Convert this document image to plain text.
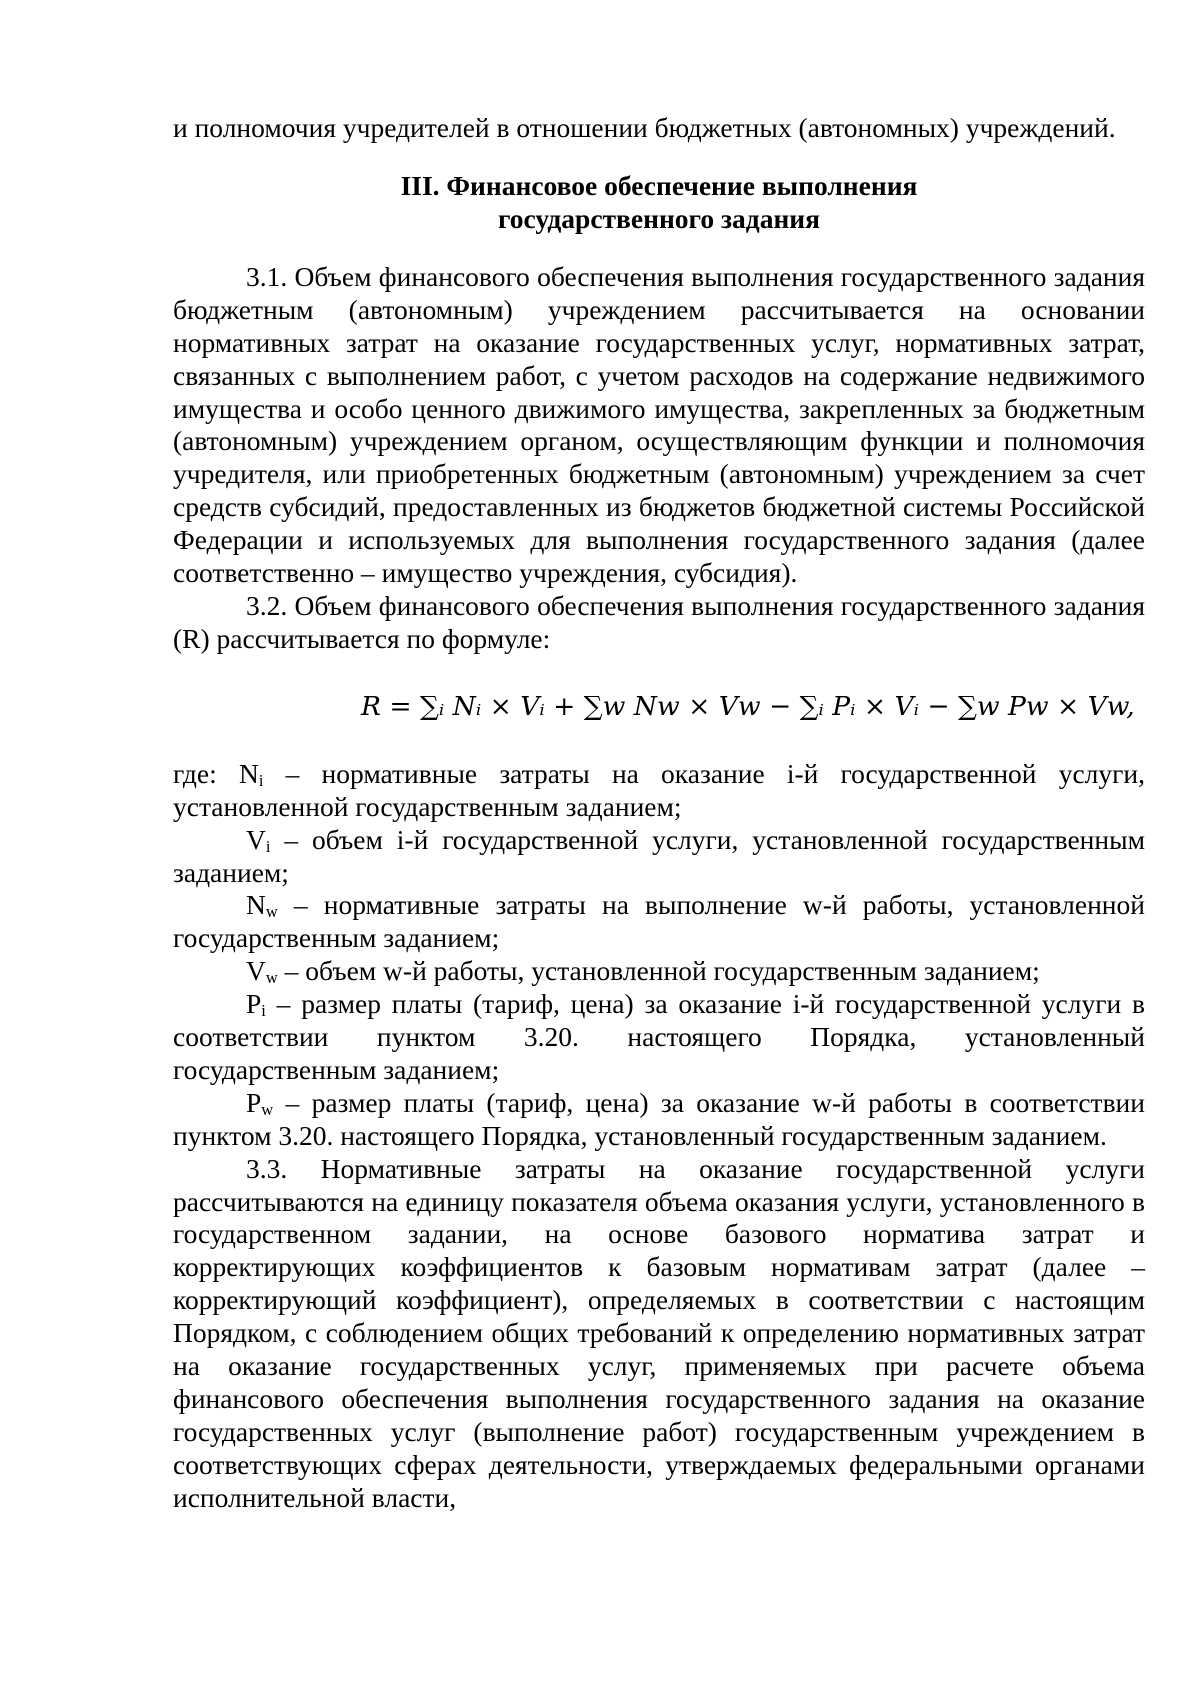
и полномочия учредителей в отношении бюджетных (автономных) учреждений.

III. Финансовое обеспечение выполнения
государственного задания

3.1. Объем финансового обеспечения выполнения государственного задания бюджетным (автономным) учреждением рассчитывается на основании нормативных затрат на оказание государственных услуг, нормативных затрат, связанных с выполнением работ, с учетом расходов на содержание недвижимого имущества и особо ценного движимого имущества, закрепленных за бюджетным (автономным) учреждением органом, осуществляющим функции и полномочия учредителя, или приобретенных бюджетным (автономным) учреждением за счет средств субсидий, предоставленных из бюджетов бюджетной системы Российской Федерации и используемых для выполнения государственного задания (далее соответственно – имущество учреждения, субсидия).

3.2. Объем финансового обеспечения выполнения государственного задания (R) рассчитывается по формуле:

R = ∑ᵢ Nᵢ × Vᵢ + ∑w Nw × Vw − ∑ᵢ Pᵢ × Vᵢ − ∑w Pw × Vw,

где: $N_i$ – нормативные затраты на оказание i-й государственной услуги, установленной государственным заданием;

$V_i$ – объем i-й государственной услуги, установленной государственным заданием;

$N_w$ – нормативные затраты на выполнение w-й работы, установленной государственным заданием;

$V_w$ – объем w-й работы, установленной государственным заданием;

$P_i$ – размер платы (тариф, цена) за оказание i-й государственной услуги в соответствии пунктом 3.20. настоящего Порядка, установленный государственным заданием;

$P_w$ – размер платы (тариф, цена) за оказание w-й работы в соответствии пунктом 3.20. настоящего Порядка, установленный государственным заданием.

3.3. Нормативные затраты на оказание государственной услуги рассчитываются на единицу показателя объема оказания услуги, установленного в государственном задании, на основе базового норматива затрат и корректирующих коэффициентов к базовым нормативам затрат (далее – корректирующий коэффициент), определяемых в соответствии с настоящим Порядком, с соблюдением общих требований к определению нормативных затрат на оказание государственных услуг, применяемых при расчете объема финансового обеспечения выполнения государственного задания на оказание государственных услуг (выполнение работ) государственным учреждением в соответствующих сферах деятельности, утверждаемых федеральными органами исполнительной власти,
